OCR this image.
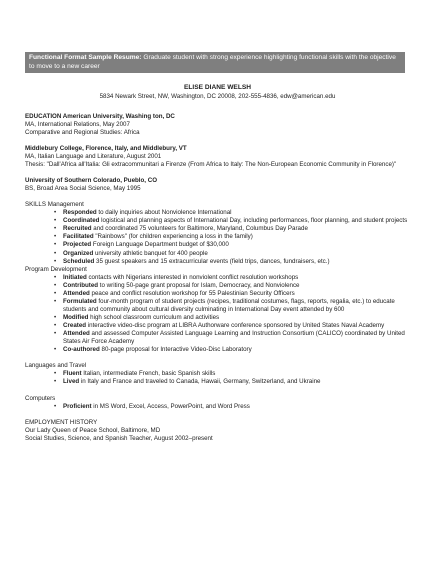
Functional Format Sample Resume: Graduate student with strong experience highlighting functional skills with the objective to move to a new career
ELISE DIANE WELSH
5834 Newark Street, NW, Washington, DC 20008, 202-555-4836, edw@american.edu
EDUCATION American University, Washing ton, DC
MA, International Relations, May 2007
Comparative and Regional Studies: Africa
Middlebury College, Florence, Italy, and Middlebury, VT
MA, Italian Language and Literature, August 2001
Thesis: "Dall'Africa all'Italia: Gli extracommunitari a Firenze (From Africa to Italy: The Non-European Economic Community in Florence)"
University of Southern Colorado, Pueblo, CO
BS, Broad Area Social Science, May 1995
SKILLS Management
• Responded to daily inquiries about Nonviolence International
• Coordinated logistical and planning aspects of International Day, including performances, floor planning, and student projects
• Recruited and coordinated 75 volunteers for Baltimore, Maryland, Columbus Day Parade
• Facilitated "Rainbows" (for children experiencing a loss in the family)
• Projected Foreign Language Department budget of $30,000
• Organized university athletic banquet for 400 people
• Scheduled 35 guest speakers and 15 extracurricular events (field trips, dances, fundraisers, etc.)
Program Development
• Initiated contacts with Nigerians interested in nonviolent conflict resolution workshops
• Contributed to writing 50-page grant proposal for Islam, Democracy, and Nonviolence
• Attended peace and conflict resolution workshop for 55 Palestinian Security Officers
• Formulated four-month program of student projects (recipes, traditional costumes, flags, reports, regalia, etc.) to educate students and community about cultural diversity culminating in International Day event attended by 600
• Modified high school classroom curriculum and activities
• Created interactive video-disc program at LIBRA Authorware conference sponsored by United States Naval Academy
• Attended and assessed Computer Assisted Language Learning and Instruction Consortium (CALICO) coordinated by United States Air Force Academy
• Co-authored 80-page proposal for Interactive Video-Disc Laboratory
Languages and Travel
• Fluent Italian, intermediate French, basic Spanish skills
• Lived in Italy and France and traveled to Canada, Hawaii, Germany, Switzerland, and Ukraine
Computers
• Proficient in MS Word, Excel, Access, PowerPoint, and Word Press
EMPLOYMENT HISTORY
Our Lady Queen of Peace School, Baltimore, MD
Social Studies, Science, and Spanish Teacher, August 2002–present
